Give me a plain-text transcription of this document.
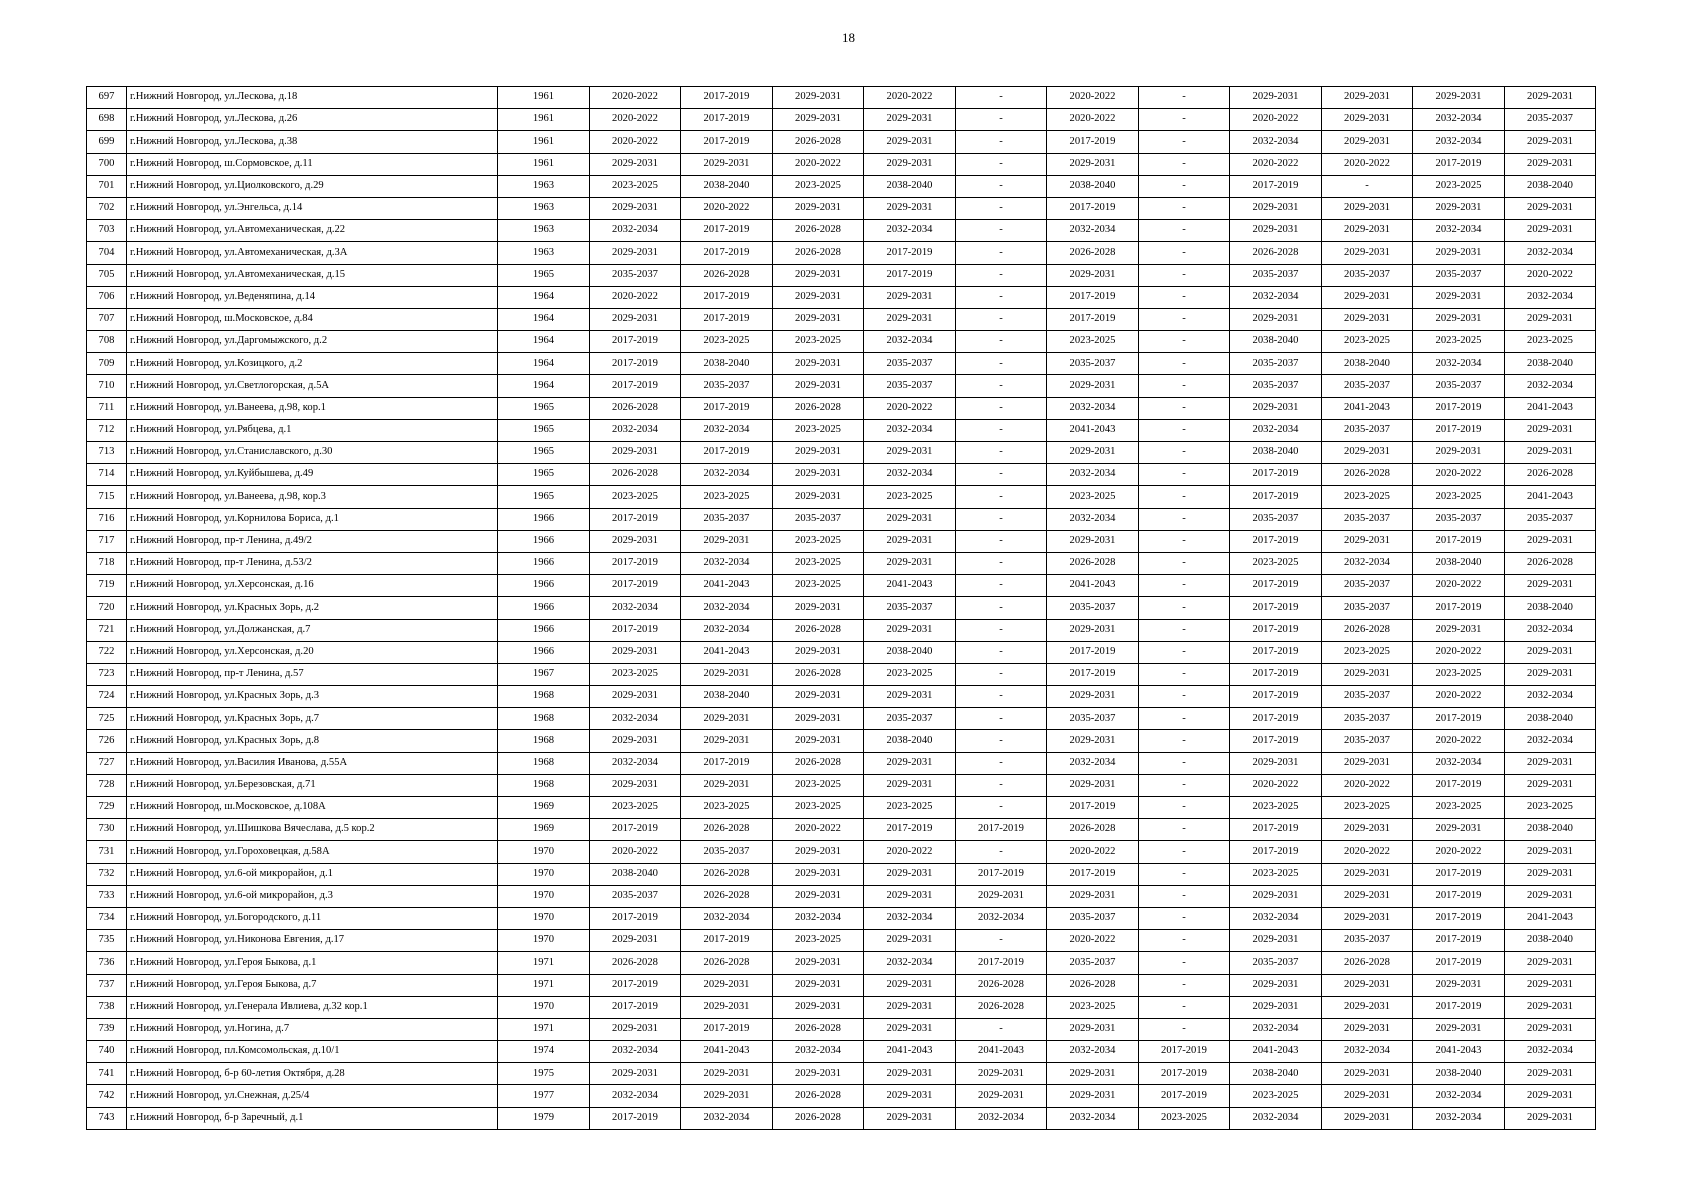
18
697	г.Нижний Новгород, ул.Лескова, д.18	1961	2020-2022	2017-2019	2029-2031	2020-2022	-	2020-2022	-	2029-2031	2029-2031	2029-2031	2029-2031
698	г.Нижний Новгород, ул.Лескова, д.26	1961	2020-2022	2017-2019	2029-2031	2029-2031	-	2020-2022	-	2020-2022	2029-2031	2032-2034	2035-2037
699	г.Нижний Новгород, ул.Лескова, д.38	1961	2020-2022	2017-2019	2026-2028	2029-2031	-	2017-2019	-	2032-2034	2029-2031	2032-2034	2029-2031
700	г.Нижний Новгород, ш.Сормовское, д.11	1961	2029-2031	2029-2031	2020-2022	2029-2031	-	2029-2031	-	2020-2022	2020-2022	2017-2019	2029-2031
701	г.Нижний Новгород, ул.Циолковского, д.29	1963	2023-2025	2038-2040	2023-2025	2038-2040	-	2038-2040	-	2017-2019	-	2023-2025	2038-2040
702	г.Нижний Новгород, ул.Энгельса, д.14	1963	2029-2031	2020-2022	2029-2031	2029-2031	-	2017-2019	-	2029-2031	2029-2031	2029-2031	2029-2031
703	г.Нижний Новгород, ул.Автомеханическая, д.22	1963	2032-2034	2017-2019	2026-2028	2032-2034	-	2032-2034	-	2029-2031	2029-2031	2032-2034	2029-2031
704	г.Нижний Новгород, ул.Автомеханическая, д.3А	1963	2029-2031	2017-2019	2026-2028	2017-2019	-	2026-2028	-	2026-2028	2029-2031	2029-2031	2032-2034
705	г.Нижний Новгород, ул.Автомеханическая, д.15	1965	2035-2037	2026-2028	2029-2031	2017-2019	-	2029-2031	-	2035-2037	2035-2037	2035-2037	2020-2022
706	г.Нижний Новгород, ул.Веденяпина, д.14	1964	2020-2022	2017-2019	2029-2031	2029-2031	-	2017-2019	-	2032-2034	2029-2031	2029-2031	2032-2034
707	г.Нижний Новгород, ш.Московское, д.84	1964	2029-2031	2017-2019	2029-2031	2029-2031	-	2017-2019	-	2029-2031	2029-2031	2029-2031	2029-2031
708	г.Нижний Новгород, ул.Даргомыжского, д.2	1964	2017-2019	2023-2025	2023-2025	2032-2034	-	2023-2025	-	2038-2040	2023-2025	2023-2025	2023-2025
709	г.Нижний Новгород, ул.Козицкого, д.2	1964	2017-2019	2038-2040	2029-2031	2035-2037	-	2035-2037	-	2035-2037	2038-2040	2032-2034	2038-2040
710	г.Нижний Новгород, ул.Светлогорская, д.5А	1964	2017-2019	2035-2037	2029-2031	2035-2037	-	2029-2031	-	2035-2037	2035-2037	2035-2037	2032-2034
711	г.Нижний Новгород, ул.Ванеева, д.98, кор.1	1965	2026-2028	2017-2019	2026-2028	2020-2022	-	2032-2034	-	2029-2031	2041-2043	2017-2019	2041-2043
712	г.Нижний Новгород, ул.Рябцева, д.1	1965	2032-2034	2032-2034	2023-2025	2032-2034	-	2041-2043	-	2032-2034	2035-2037	2017-2019	2029-2031
713	г.Нижний Новгород, ул.Станиславского, д.30	1965	2029-2031	2017-2019	2029-2031	2029-2031	-	2029-2031	-	2038-2040	2029-2031	2029-2031	2029-2031
714	г.Нижний Новгород, ул.Куйбышева, д.49	1965	2026-2028	2032-2034	2029-2031	2032-2034	-	2032-2034	-	2017-2019	2026-2028	2020-2022	2026-2028
715	г.Нижний Новгород, ул.Ванеева, д.98, кор.3	1965	2023-2025	2023-2025	2029-2031	2023-2025	-	2023-2025	-	2017-2019	2023-2025	2023-2025	2041-2043
716	г.Нижний Новгород, ул.Корнилова Бориса, д.1	1966	2017-2019	2035-2037	2035-2037	2029-2031	-	2032-2034	-	2035-2037	2035-2037	2035-2037	2035-2037
717	г.Нижний Новгород, пр-т Ленина, д.49/2	1966	2029-2031	2029-2031	2023-2025	2029-2031	-	2029-2031	-	2017-2019	2029-2031	2017-2019	2029-2031
718	г.Нижний Новгород, пр-т Ленина, д.53/2	1966	2017-2019	2032-2034	2023-2025	2029-2031	-	2026-2028	-	2023-2025	2032-2034	2038-2040	2026-2028
719	г.Нижний Новгород, ул.Херсонская, д.16	1966	2017-2019	2041-2043	2023-2025	2041-2043	-	2041-2043	-	2017-2019	2035-2037	2020-2022	2029-2031
720	г.Нижний Новгород, ул.Красных Зорь, д.2	1966	2032-2034	2032-2034	2029-2031	2035-2037	-	2035-2037	-	2017-2019	2035-2037	2017-2019	2038-2040
721	г.Нижний Новгород, ул.Должанская, д.7	1966	2017-2019	2032-2034	2026-2028	2029-2031	-	2029-2031	-	2017-2019	2026-2028	2029-2031	2032-2034
722	г.Нижний Новгород, ул.Херсонская, д.20	1966	2029-2031	2041-2043	2029-2031	2038-2040	-	2017-2019	-	2017-2019	2023-2025	2020-2022	2029-2031
723	г.Нижний Новгород, пр-т Ленина, д.57	1967	2023-2025	2029-2031	2026-2028	2023-2025	-	2017-2019	-	2017-2019	2029-2031	2023-2025	2029-2031
724	г.Нижний Новгород, ул.Красных Зорь, д.3	1968	2029-2031	2038-2040	2029-2031	2029-2031	-	2029-2031	-	2017-2019	2035-2037	2020-2022	2032-2034
725	г.Нижний Новгород, ул.Красных Зорь, д.7	1968	2032-2034	2029-2031	2029-2031	2035-2037	-	2035-2037	-	2017-2019	2035-2037	2017-2019	2038-2040
726	г.Нижний Новгород, ул.Красных Зорь, д.8	1968	2029-2031	2029-2031	2029-2031	2038-2040	-	2029-2031	-	2017-2019	2035-2037	2020-2022	2032-2034
727	г.Нижний Новгород, ул.Василия Иванова, д.55А	1968	2032-2034	2017-2019	2026-2028	2029-2031	-	2032-2034	-	2029-2031	2029-2031	2032-2034	2029-2031
728	г.Нижний Новгород, ул.Березовская, д.71	1968	2029-2031	2029-2031	2023-2025	2029-2031	-	2029-2031	-	2020-2022	2020-2022	2017-2019	2029-2031
729	г.Нижний Новгород, ш.Московское, д.108А	1969	2023-2025	2023-2025	2023-2025	2023-2025	-	2017-2019	-	2023-2025	2023-2025	2023-2025	2023-2025
730	г.Нижний Новгород, ул.Шишкова Вячеслава, д.5 кор.2	1969	2017-2019	2026-2028	2020-2022	2017-2019	2017-2019	2026-2028	-	2017-2019	2029-2031	2029-2031	2038-2040
731	г.Нижний Новгород, ул.Гороховецкая, д.58А	1970	2020-2022	2035-2037	2029-2031	2020-2022	-	2020-2022	-	2017-2019	2020-2022	2020-2022	2029-2031
732	г.Нижний Новгород, ул.6-ой микрорайон, д.1	1970	2038-2040	2026-2028	2029-2031	2029-2031	2017-2019	2017-2019	-	2023-2025	2029-2031	2017-2019	2029-2031
733	г.Нижний Новгород, ул.6-ой микрорайон, д.3	1970	2035-2037	2026-2028	2029-2031	2029-2031	2029-2031	2029-2031	-	2029-2031	2029-2031	2017-2019	2029-2031
734	г.Нижний Новгород, ул.Богородского, д.11	1970	2017-2019	2032-2034	2032-2034	2032-2034	2032-2034	2035-2037	-	2032-2034	2029-2031	2017-2019	2041-2043
735	г.Нижний Новгород, ул.Никонова Евгения, д.17	1970	2029-2031	2017-2019	2023-2025	2029-2031	-	2020-2022	-	2029-2031	2035-2037	2017-2019	2038-2040
736	г.Нижний Новгород, ул.Героя Быкова, д.1	1971	2026-2028	2026-2028	2029-2031	2032-2034	2017-2019	2035-2037	-	2035-2037	2026-2028	2017-2019	2029-2031
737	г.Нижний Новгород, ул.Героя Быкова, д.7	1971	2017-2019	2029-2031	2029-2031	2029-2031	2026-2028	2026-2028	-	2029-2031	2029-2031	2029-2031	2029-2031
738	г.Нижний Новгород, ул.Генерала Ивлиева, д.32 кор.1	1970	2017-2019	2029-2031	2029-2031	2029-2031	2026-2028	2023-2025	-	2029-2031	2029-2031	2017-2019	2029-2031
739	г.Нижний Новгород, ул.Ногина, д.7	1971	2029-2031	2017-2019	2026-2028	2029-2031	-	2029-2031	-	2032-2034	2029-2031	2029-2031	2029-2031
740	г.Нижний Новгород, пл.Комсомольская, д.10/1	1974	2032-2034	2041-2043	2032-2034	2041-2043	2041-2043	2032-2034	2017-2019	2041-2043	2032-2034	2041-2043	2032-2034
741	г.Нижний Новгород, б-р 60-летия Октября, д.28	1975	2029-2031	2029-2031	2029-2031	2029-2031	2029-2031	2029-2031	2017-2019	2038-2040	2029-2031	2038-2040	2029-2031
742	г.Нижний Новгород, ул.Снежная, д.25/4	1977	2032-2034	2029-2031	2026-2028	2029-2031	2029-2031	2029-2031	2017-2019	2023-2025	2029-2031	2032-2034	2029-2031
743	г.Нижний Новгород, б-р Заречный, д.1	1979	2017-2019	2032-2034	2026-2028	2029-2031	2032-2034	2032-2034	2023-2025	2032-2034	2029-2031	2032-2034	2029-2031
